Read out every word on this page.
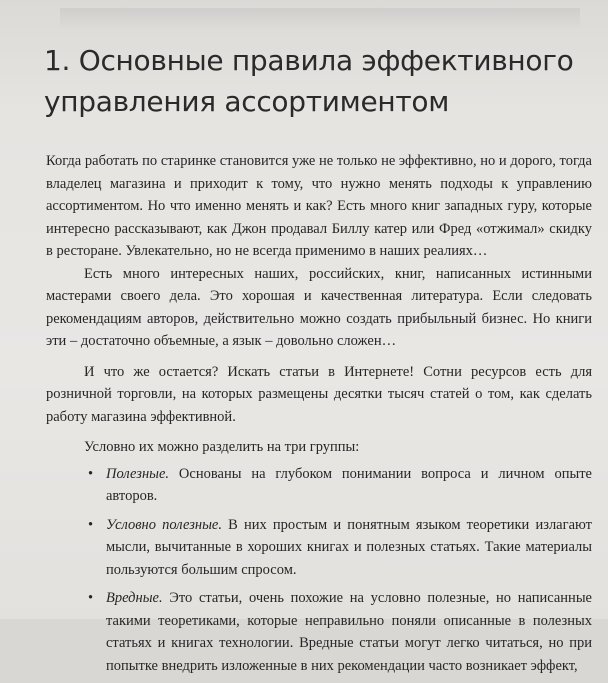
1. Основные правила эффективного
управления ассортиментом

Когда работать по старинке становится уже не только не эффективно, но и дорого, тогда владелец магазина и приходит к тому, что нужно менять подходы к управлению ассортиментом. Но что именно менять и как? Есть много книг западных гуру, которые интересно рассказывают, как Джон продавал Биллу катер или Фред «отжимал» скидку в ресторане. Увлекательно, но не всегда применимо в наших реалиях…

Есть много интересных наших, российских, книг, написанных истинными мастерами своего дела. Это хорошая и качественная литература. Если следовать рекомендациям авторов, действительно можно создать прибыльный бизнес. Но книги эти – достаточно объемные, а язык – довольно сложен…

И что же остается? Искать статьи в Интернете! Сотни ресурсов есть для розничной торговли, на которых размещены десятки тысяч статей о том, как сделать работу магазина эффективной.

Условно их можно разделить на три группы:

• Полезные. Основаны на глубоком понимании вопроса и личном опыте авторов.
• Условно полезные. В них простым и понятным языком теоретики излагают мысли, вычитанные в хороших книгах и полезных статьях. Такие материалы пользуются большим спросом.
• Вредные. Это статьи, очень похожие на условно полезные, но написанные такими теоретиками, которые неправильно поняли описанные в полезных статьях и книгах технологии. Вредные статьи могут легко читаться, но при попытке внедрить изложенные в них рекомендации часто возникает эффект,
